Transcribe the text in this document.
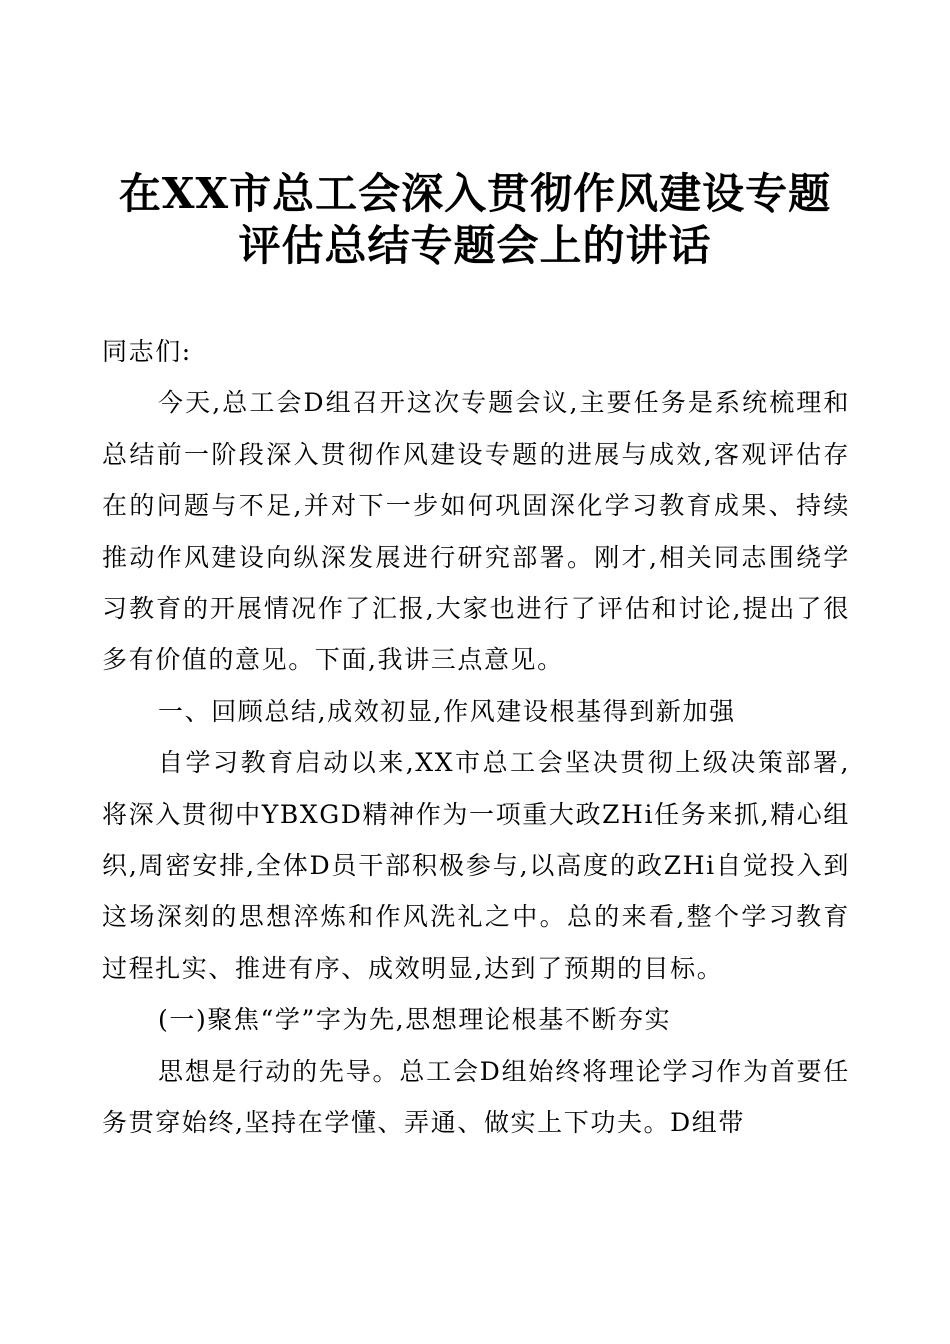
在XX市总工会深入贯彻作风建设专题评估总结专题会上的讲话

同志们:

今天,总工会D组召开这次专题会议,主要任务是系统梳理和总结前一阶段深入贯彻作风建设专题的进展与成效,客观评估存在的问题与不足,并对下一步如何巩固深化学习教育成果、持续推动作风建设向纵深发展进行研究部署。刚才,相关同志围绕学习教育的开展情况作了汇报,大家也进行了评估和讨论,提出了很多有价值的意见。下面,我讲三点意见。

一、回顾总结,成效初显,作风建设根基得到新加强

自学习教育启动以来,XX市总工会坚决贯彻上级决策部署,将深入贯彻中YBXGD精神作为一项重大政ZHi任务来抓,精心组织,周密安排,全体D员干部积极参与,以高度的政ZHi自觉投入到这场深刻的思想淬炼和作风洗礼之中。总的来看,整个学习教育过程扎实、推进有序、成效明显,达到了预期的目标。

(一)聚焦“学”字为先,思想理论根基不断夯实

思想是行动的先导。总工会D组始终将理论学习作为首要任务贯穿始终,坚持在学懂、弄通、做实上下功夫。D组带
